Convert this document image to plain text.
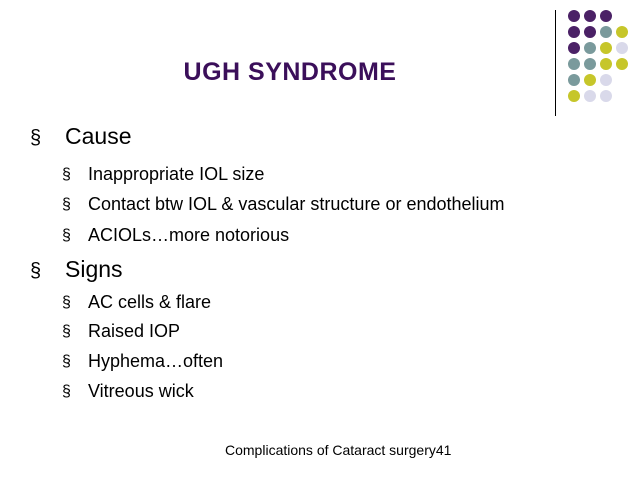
UGH SYNDROME
§ Cause
§ Inappropriate IOL size
§ Contact btw IOL & vascular structure or endothelium
§ ACIOLs…more notorious
§ Signs
§ AC cells & flare
§ Raised IOP
§ Hyphema…often
§ Vitreous wick
Complications of Cataract surgery41
